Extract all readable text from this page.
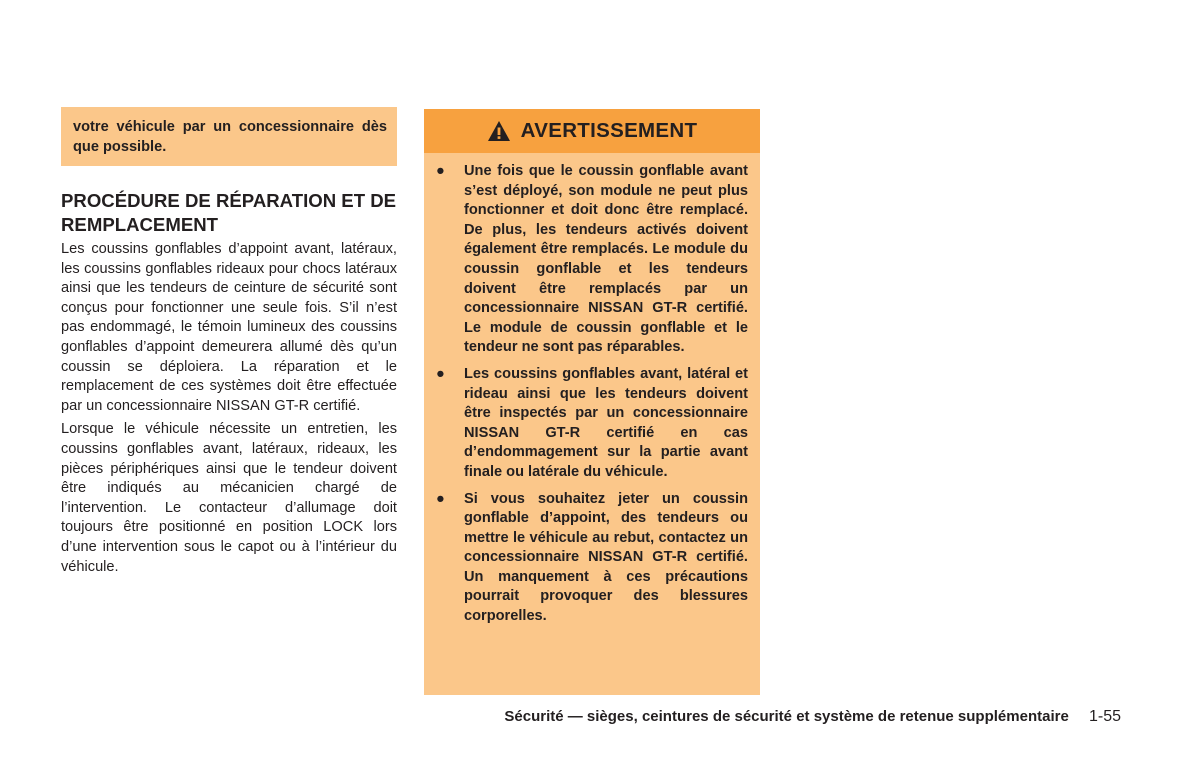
votre véhicule par un concessionnaire dès que possible.

PROCÉDURE DE RÉPARATION ET DE REMPLACEMENT

Les coussins gonflables d’appoint avant, latéraux, les coussins gonflables rideaux pour chocs latéraux ainsi que les tendeurs de ceinture de sécurité sont conçus pour fonctionner une seule fois. S’il n’est pas endommagé, le témoin lumineux des coussins gonflables d’appoint demeurera allumé dès qu’un coussin se déploiera. La réparation et le remplacement de ces systèmes doit être effectuée par un concessionnaire NISSAN GT-R certifié.

Lorsque le véhicule nécessite un entretien, les coussins gonflables avant, latéraux, rideaux, les pièces périphériques ainsi que le tendeur doivent être indiqués au mécanicien chargé de l’intervention. Le contacteur d’allumage doit toujours être positionné en position LOCK lors d’une intervention sous le capot ou à l’intérieur du véhicule.

AVERTISSEMENT
●	Une fois que le coussin gonflable avant s’est déployé, son module ne peut plus fonctionner et doit donc être remplacé. De plus, les tendeurs activés doivent également être remplacés. Le module du coussin gonflable et les tendeurs doivent être remplacés par un concessionnaire NISSAN GT-R certifié. Le module de coussin gonflable et le tendeur ne sont pas réparables.
●	Les coussins gonflables avant, latéral et rideau ainsi que les tendeurs doivent être inspectés par un concessionnaire NISSAN GT-R certifié en cas d’endommagement sur la partie avant finale ou latérale du véhicule.
●	Si vous souhaitez jeter un coussin gonflable d’appoint, des tendeurs ou mettre le véhicule au rebut, contactez un concessionnaire NISSAN GT-R certifié. Un manquement à ces précautions pourrait provoquer des blessures corporelles.
Sécurité — sièges, ceintures de sécurité et système de retenue supplémentaire 1-55
